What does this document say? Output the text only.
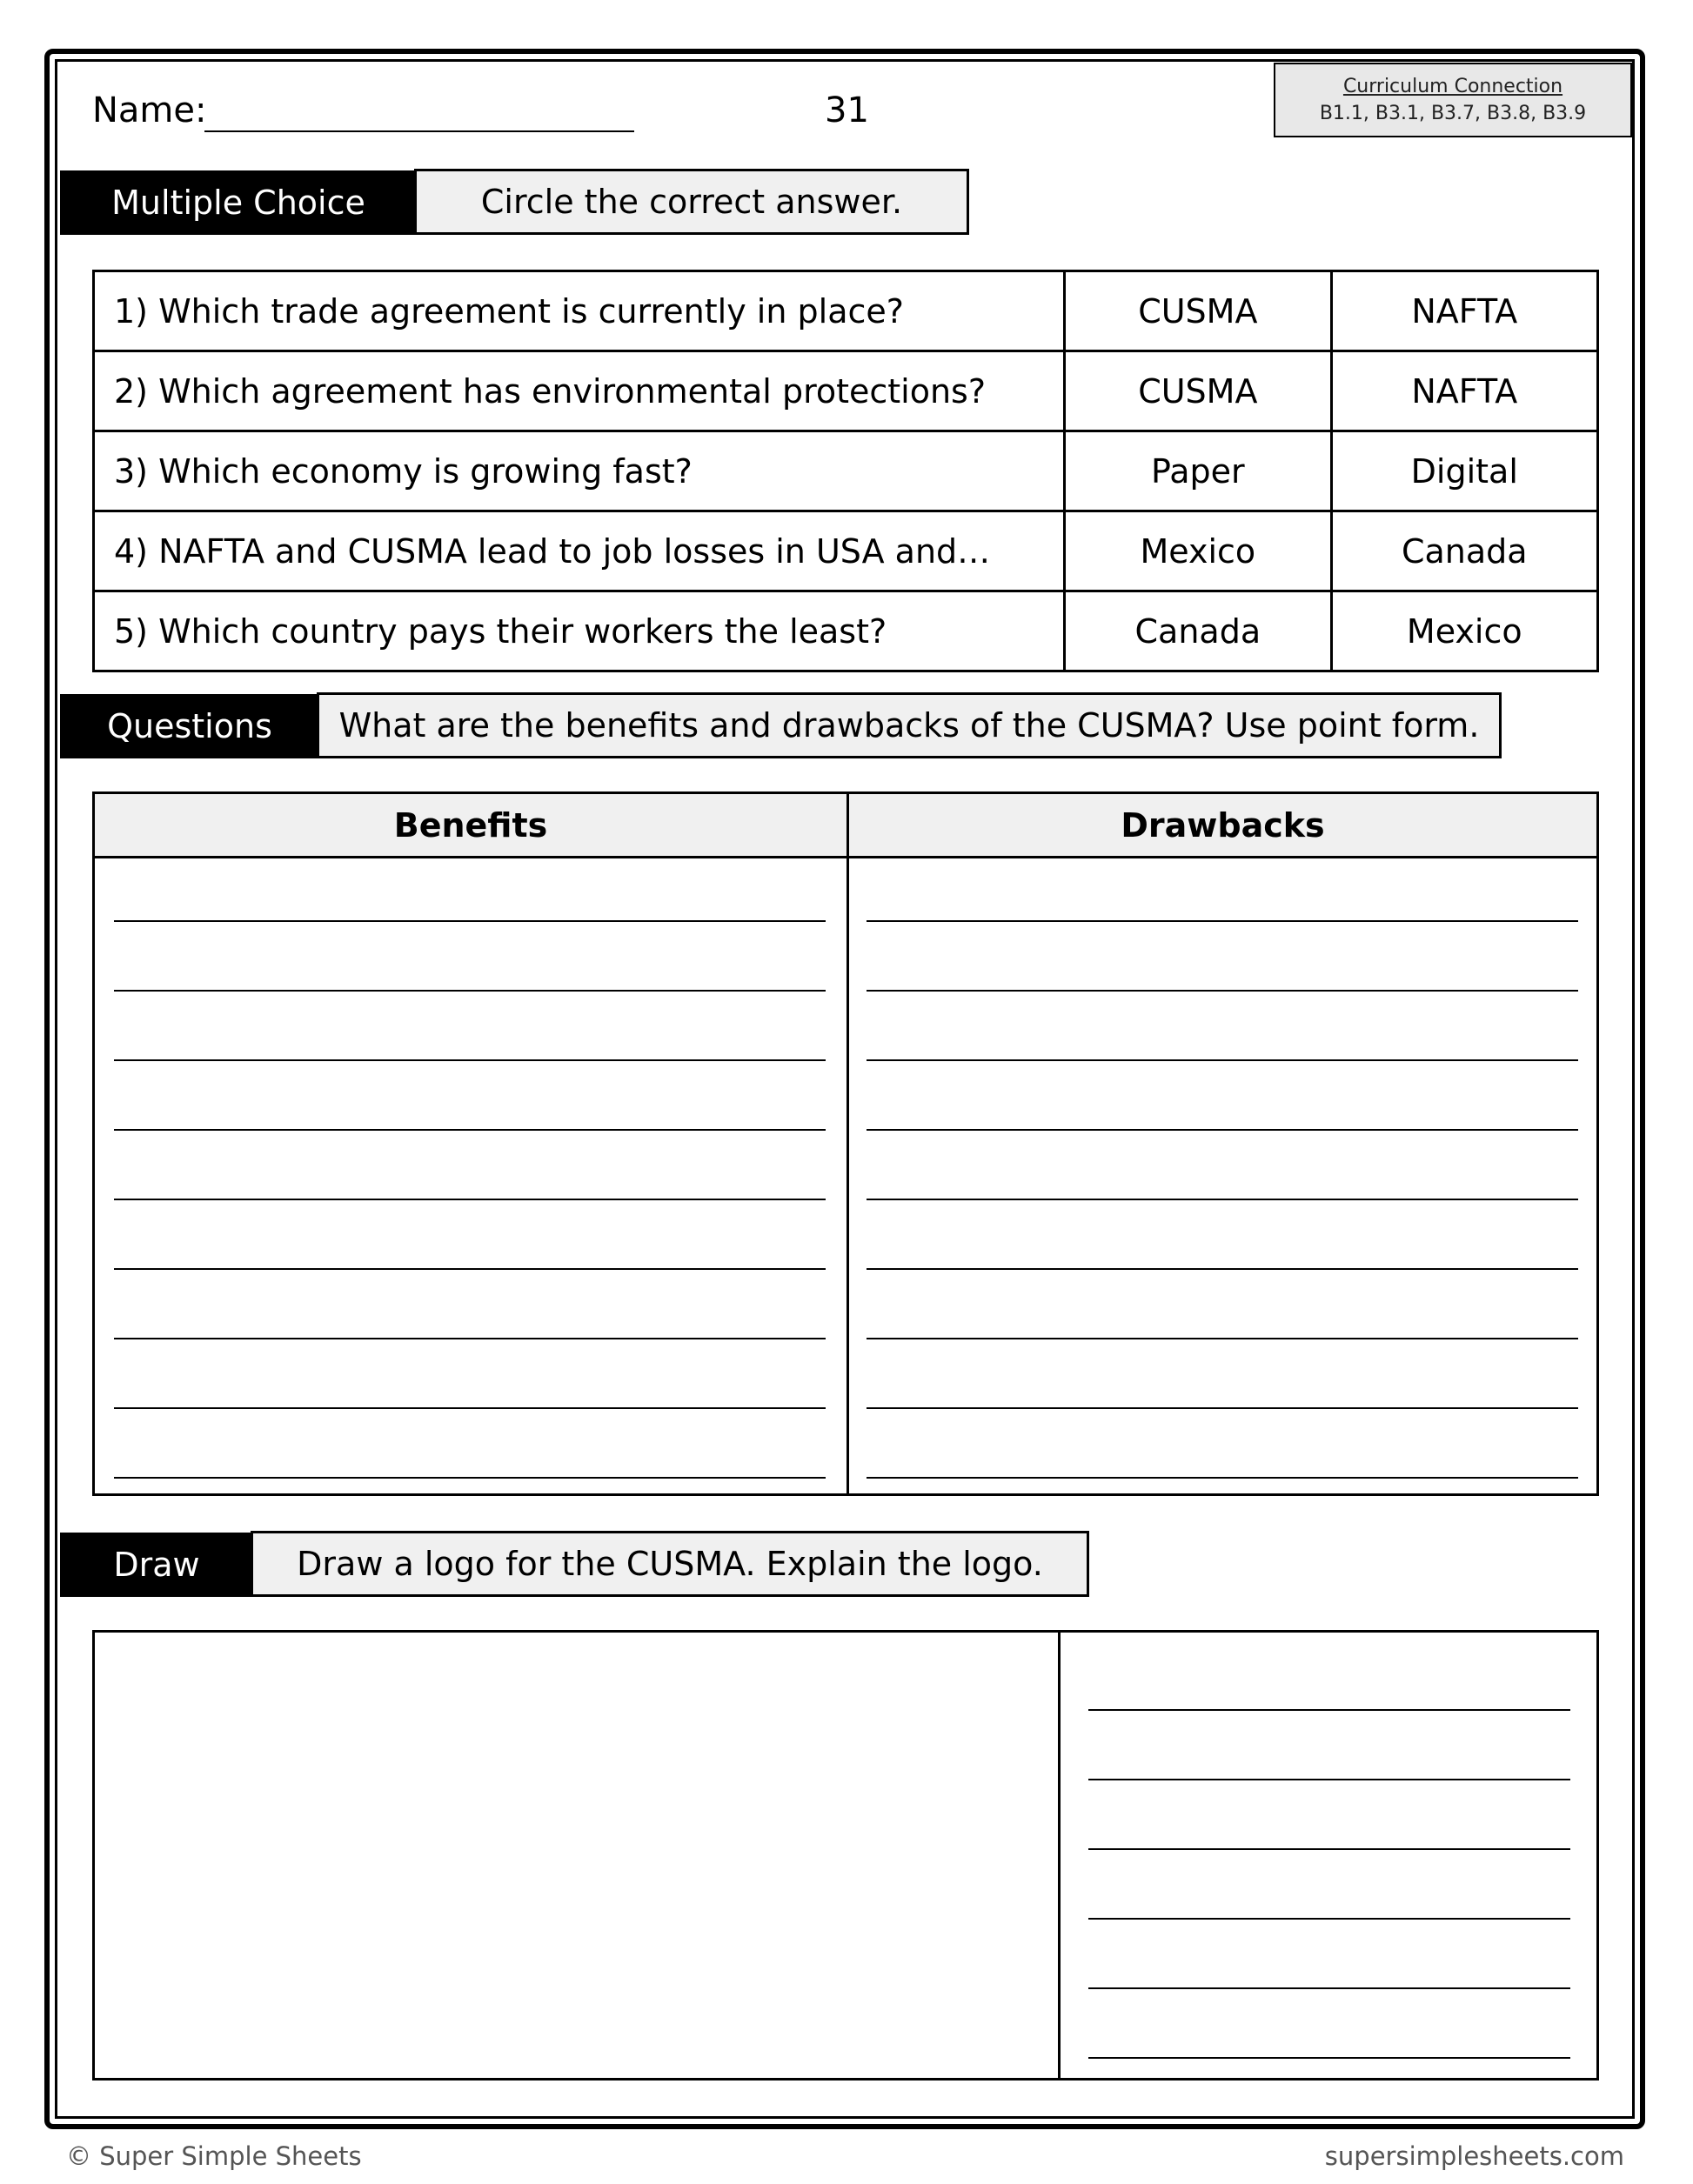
Name:	31
Curriculum Connection
B1.1, B3.1, B3.7, B3.8, B3.9
Multiple Choice	Circle the correct answer.
1) Which trade agreement is currently in place?	CUSMA	NAFTA
2) Which agreement has environmental protections?	CUSMA	NAFTA
3) Which economy is growing fast?	Paper	Digital
4) NAFTA and CUSMA lead to job losses in USA and…	Mexico	Canada
5) Which country pays their workers the least?	Canada	Mexico
Questions	What are the benefits and drawbacks of the CUSMA? Use point form.
Benefits	Drawbacks
Draw	Draw a logo for the CUSMA. Explain the logo.
© Super Simple Sheets	supersimplesheets.com
